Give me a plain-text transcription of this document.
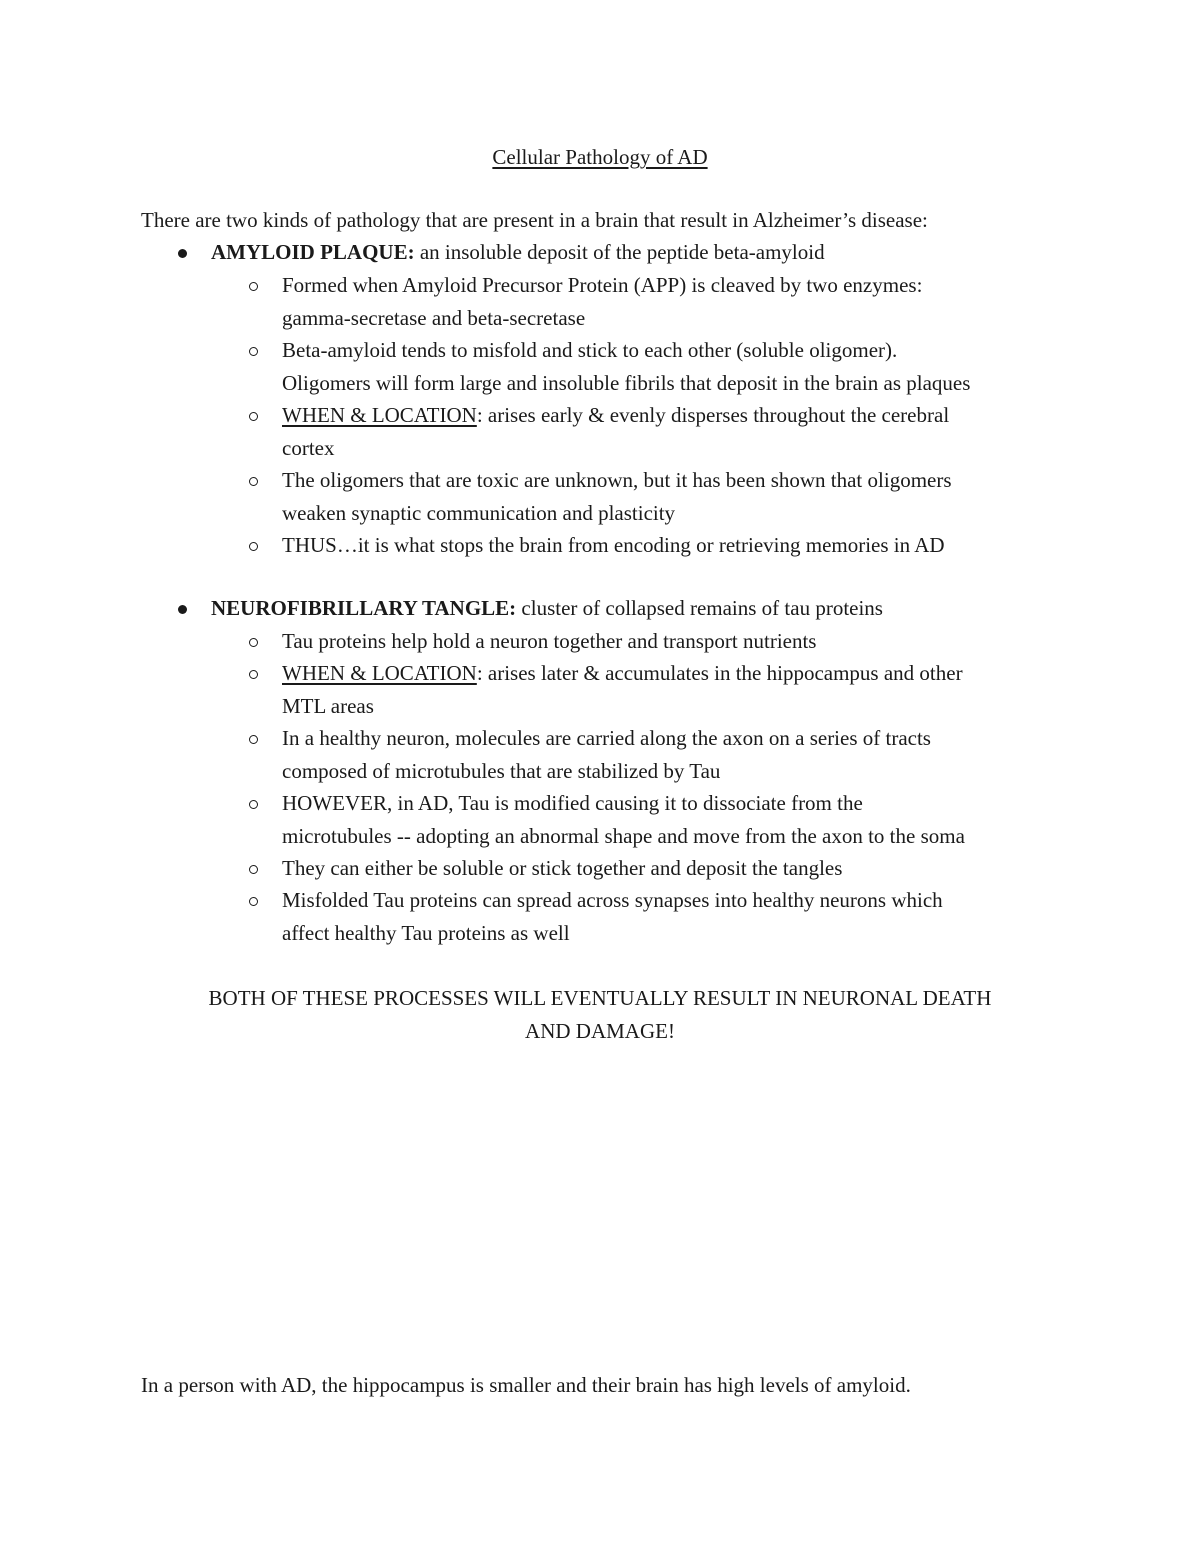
Cellular Pathology of AD
There are two kinds of pathology that are present in a brain that result in Alzheimer’s disease:
AMYLOID PLAQUE: an insoluble deposit of the peptide beta-amyloid
Formed when Amyloid Precursor Protein (APP) is cleaved by two enzymes:
gamma-secretase and beta-secretase
Beta-amyloid tends to misfold and stick to each other (soluble oligomer).
Oligomers will form large and insoluble fibrils that deposit in the brain as plaques
WHEN & LOCATION: arises early & evenly disperses throughout the cerebral
cortex
The oligomers that are toxic are unknown, but it has been shown that oligomers
weaken synaptic communication and plasticity
THUS…it is what stops the brain from encoding or retrieving memories in AD
NEUROFIBRILLARY TANGLE: cluster of collapsed remains of tau proteins
Tau proteins help hold a neuron together and transport nutrients
WHEN & LOCATION: arises later & accumulates in the hippocampus and other
MTL areas
In a healthy neuron, molecules are carried along the axon on a series of tracts
composed of microtubules that are stabilized by Tau
HOWEVER, in AD, Tau is modified causing it to dissociate from the
microtubules -- adopting an abnormal shape and move from the axon to the soma
They can either be soluble or stick together and deposit the tangles
Misfolded Tau proteins can spread across synapses into healthy neurons which
affect healthy Tau proteins as well
BOTH OF THESE PROCESSES WILL EVENTUALLY RESULT IN NEURONAL DEATH
AND DAMAGE!
In a person with AD, the hippocampus is smaller and their brain has high levels of amyloid.
